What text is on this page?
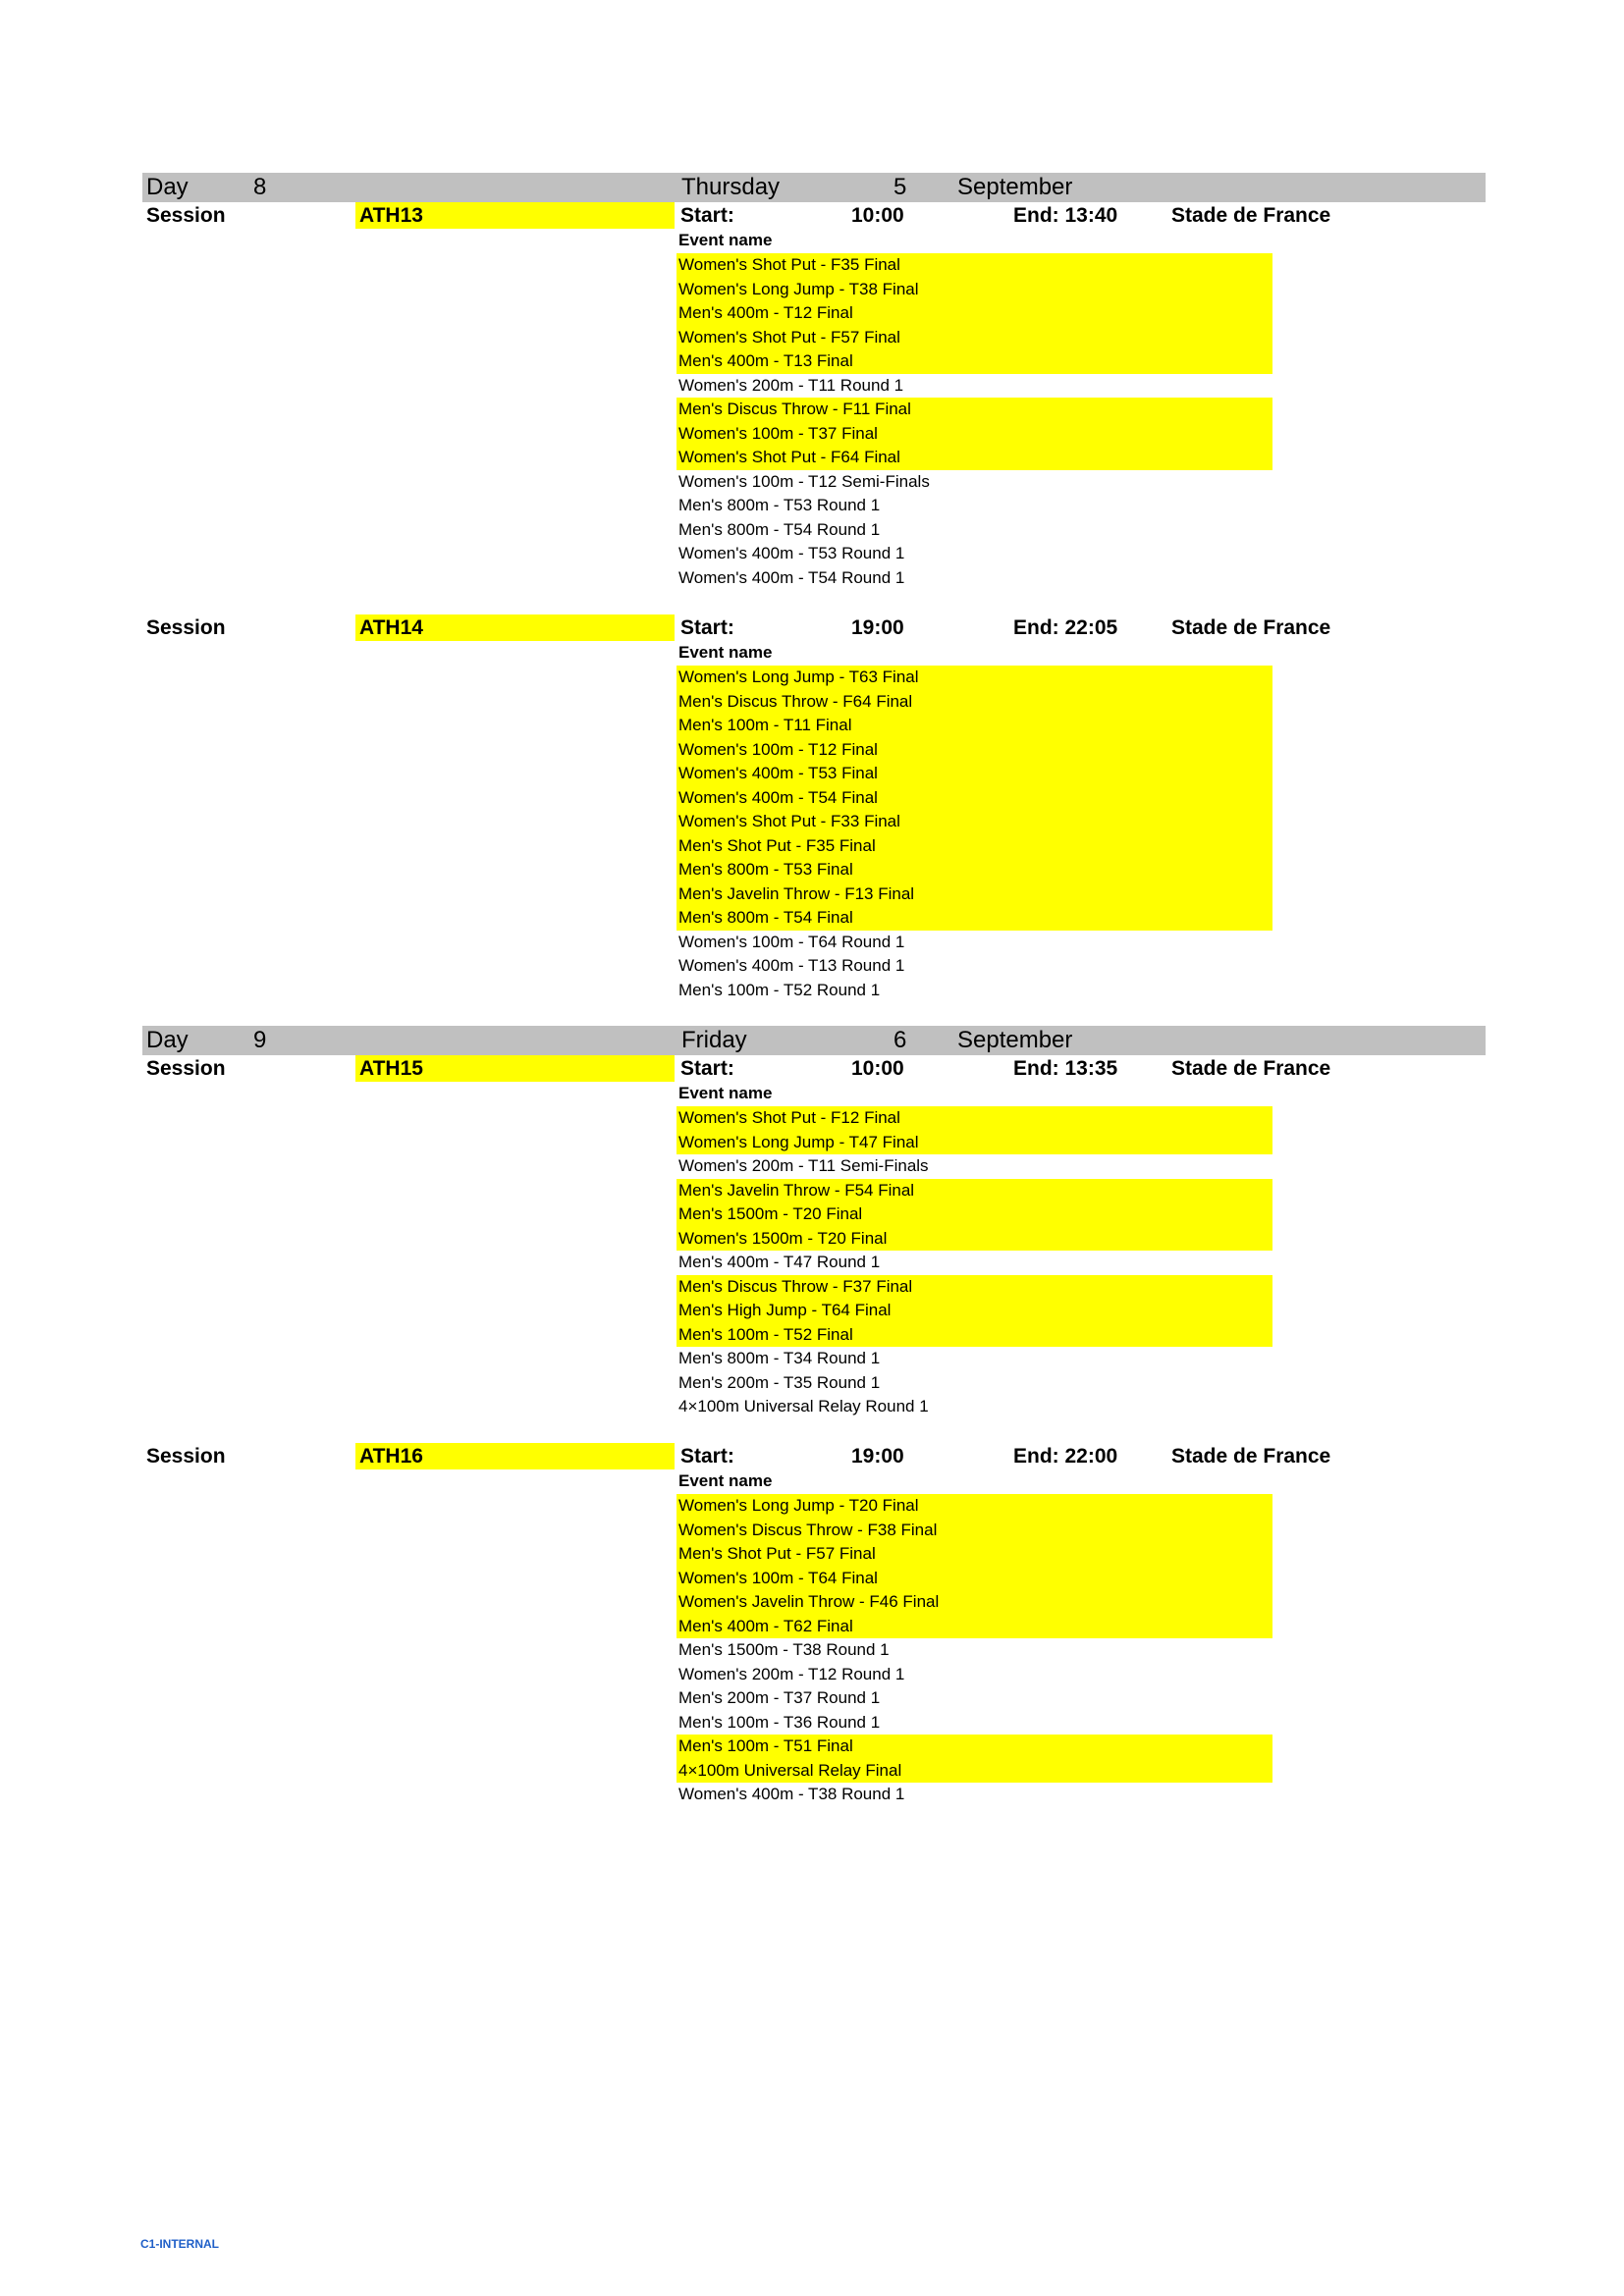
Day	8	Thursday	5 September
Session	ATH13	Start:	10:00	End: 13:40	Stade de France
Event name
Women's Shot Put - F35 Final
Women's Long Jump - T38 Final
Men's 400m - T12 Final
Women's Shot Put - F57 Final
Men's 400m - T13 Final
Women's 200m - T11 Round 1
Men's Discus Throw - F11 Final
Women's 100m - T37 Final
Women's Shot Put - F64 Final
Women's 100m - T12 Semi-Finals
Men's 800m - T53 Round 1
Men's 800m - T54 Round 1
Women's 400m - T53 Round 1
Women's 400m - T54 Round 1
Session	ATH14	Start:	19:00	End: 22:05	Stade de France
Event name
Women's Long Jump - T63 Final
Men's Discus Throw - F64 Final
Men's 100m - T11 Final
Women's 100m - T12 Final
Women's 400m - T53 Final
Women's 400m - T54 Final
Women's Shot Put - F33 Final
Men's Shot Put - F35 Final
Men's 800m - T53 Final
Men's Javelin Throw - F13 Final
Men's 800m - T54 Final
Women's 100m - T64 Round 1
Women's 400m - T13 Round 1
Men's 100m - T52 Round 1
Day	9	Friday	6 September
Session	ATH15	Start:	10:00	End: 13:35	Stade de France
Event name
Women's Shot Put - F12 Final
Women's Long Jump - T47 Final
Women's 200m - T11 Semi-Finals
Men's Javelin Throw - F54 Final
Men's 1500m - T20 Final
Women's 1500m - T20 Final
Men's 400m - T47 Round 1
Men's Discus Throw - F37 Final
Men's High Jump - T64 Final
Men's 100m - T52 Final
Men's 800m - T34 Round 1
Men's 200m - T35 Round 1
4×100m Universal Relay Round 1
Session	ATH16	Start:	19:00	End: 22:00	Stade de France
Event name
Women's Long Jump - T20 Final
Women's Discus Throw - F38 Final
Men's Shot Put - F57 Final
Women's 100m - T64 Final
Women's Javelin Throw - F46 Final
Men's 400m - T62 Final
Men's 1500m - T38 Round 1
Women's 200m - T12 Round 1
Men's 200m - T37 Round 1
Men's 100m - T36 Round 1
Men's 100m - T51 Final
4×100m Universal Relay Final
Women's 400m - T38 Round 1
C1-INTERNAL
